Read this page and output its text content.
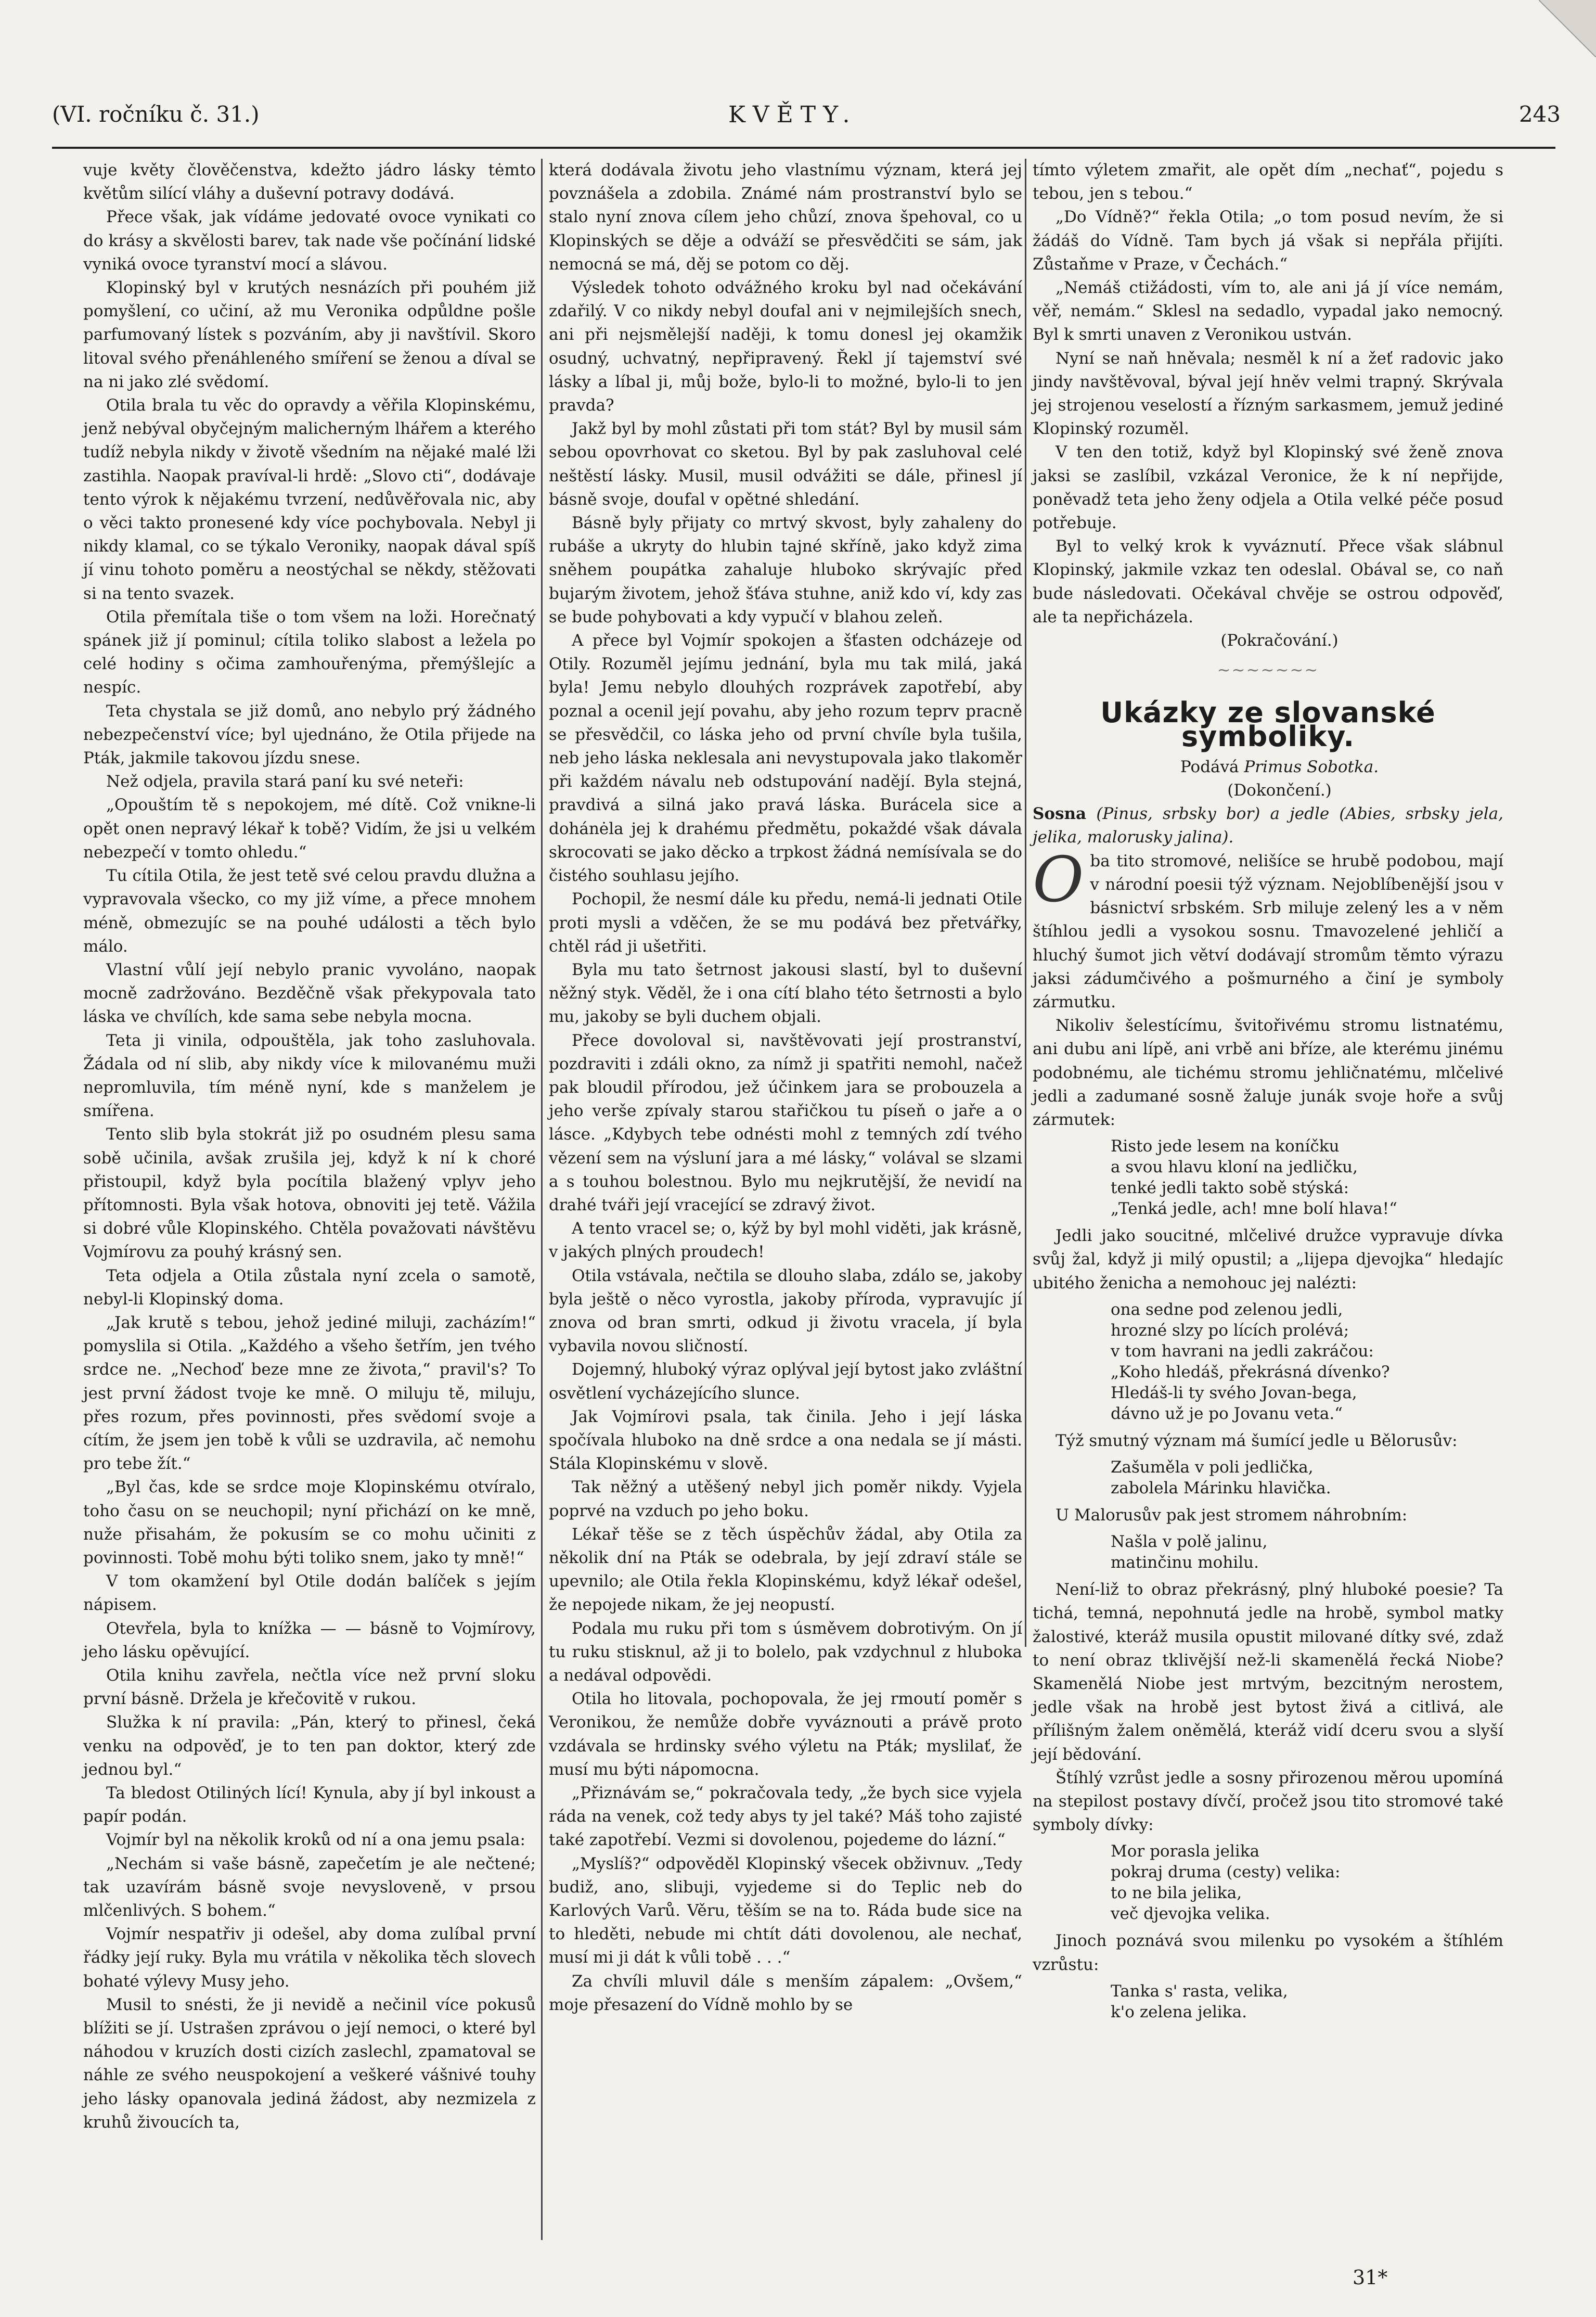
(VI. ročníku č. 31.)	KVĚTY.	243

vuje květy člověčenstva, kdežto jádro lásky tėmto květům silící vláhy a duševní potravy dodává.

Přece však, jak vídáme jedovaté ovoce vynikati co do krásy a skvělosti barev, tak nade vše počínání lidské vyniká ovoce tyranství mocí a slávou.

Klopinský byl v krutých nesnázích při pouhém již pomyšlení, co učiní, až mu Veronika odpůldne pošle parfumovaný lístek s pozváním, aby ji navštívil. Skoro litoval svého přenáhleného smíření se ženou a díval se na ni jako zlé svědomí.

Otila brala tu věc do opravdy a věřila Klopinskému, jenž nebýval obyčejným malicherným lhářem a kterého tudíž nebyla nikdy v životě všedním na nějaké malé lži zastihla. Naopak pravíval-li hrdě: „Slovo cti“, dodávaje tento výrok k nějakému tvrzení, nedůvěřovala nic, aby o věci takto pronesené kdy více pochybovala. Nebyl ji nikdy klamal, co se týkalo Veroniky, naopak dával spíš jí vinu tohoto poměru a neostýchal se někdy, stěžovati si na tento svazek.

Otila přemítala tiše o tom všem na loži. Horečnatý spánek již jí pominul; cítila toliko slabost a ležela po celé hodiny s očima zamhouřenýma, přemýšlejíc a nespíc.

Teta chystala se již domů, ano nebylo prý žádného nebezpečenství více; byl ujednáno, že Otila přijede na Pták, jakmile takovou jízdu snese.

Než odjela, pravila stará paní ku své neteři:

„Opouštím tě s nepokojem, mé dítě. Což vnikne-li opět onen nepravý lékař k tobě? Vidím, že jsi u velkém nebezpečí v tomto ohledu.“

Tu cítila Otila, že jest tetě své celou pravdu dlužna a vypravovala všecko, co my již víme, a přece mnohem méně, obmezujíc se na pouhé události a těch bylo málo.

Vlastní vůlí její nebylo pranic vyvoláno, naopak mocně zadržováno. Bezděčně však překypovala tato láska ve chvílích, kde sama sebe nebyla mocna.

Teta ji vinila, odpouštěla, jak toho zasluhovala. Žádala od ní slib, aby nikdy více k milovanému muži nepromluvila, tím méně nyní, kde s manželem je smířena.

Tento slib byla stokrát již po osudném plesu sama sobě učinila, avšak zrušila jej, když k ní k choré přistoupil, když byla pocítila blažený vplyv jeho přítomnosti. Byla však hotova, obnoviti jej tetě. Vážila si dobré vůle Klopinského. Chtěla považovati návštěvu Vojmírovu za pouhý krásný sen.

Teta odjela a Otila zůstala nyní zcela o samotě, nebyl-li Klopinský doma.

„Jak krutě s tebou, jehož jediné miluji, zacházím!“ pomyslila si Otila. „Každého a všeho šetřím, jen tvého srdce ne. „Nechoď beze mne ze života,“ pravil's? To jest první žádost tvoje ke mně. O miluju tě, miluju, přes rozum, přes povinnosti, přes svědomí svoje a cítím, že jsem jen tobě k vůli se uzdravila, ač nemohu pro tebe žít.“

„Byl čas, kde se srdce moje Klopinskému otvíralo, toho času on se neuchopil; nyní přichází on ke mně, nuže přisahám, že pokusím se co mohu učiniti z povinnosti. Tobě mohu býti toliko snem, jako ty mně!“

V tom okamžení byl Otile dodán balíček s jejím nápisem.

Otevřela, byla to knížka — — básně to Vojmírovy, jeho lásku opěvující.

Otila knihu zavřela, nečtla více než první sloku první básně. Držela je křečovitě v rukou.

Služka k ní pravila: „Pán, který to přinesl, čeká venku na odpověď, je to ten pan doktor, který zde jednou byl.“

Ta bledost Otiliných lící! Kynula, aby jí byl inkoust a papír podán.

Vojmír byl na několik kroků od ní a ona jemu psala:

„Nechám si vaše básně, zapečetím je ale nečtené; tak uzavírám básně svoje nevysloveně, v prsou mlčenlivých. S bohem.“

Vojmír nespatřiv ji odešel, aby doma zulíbal první řádky její ruky. Byla mu vrátila v několika těch slovech bohaté výlevy Musy jeho.

Musil to snésti, že ji nevidě a nečinil více pokusů blížiti se jí. Ustrašen zprávou o její nemoci, o které byl náhodou v kruzích dosti cizích zaslechl, zpamatoval se náhle ze svého neuspokojení a veškeré vášnivé touhy jeho lásky opanovala jediná žádost, aby nezmizela z kruhů živoucích ta,

která dodávala životu jeho vlastnímu význam, která jej povznášela a zdobila. Známé nám prostranství bylo se stalo nyní znova cílem jeho chůzí, znova špehoval, co u Klopinských se děje a odváží se přesvědčiti se sám, jak nemocná se má, děj se potom co děj.

Výsledek tohoto odvážného kroku byl nad očekávání zdařilý. V co nikdy nebyl doufal ani v nejmilejších snech, ani při nejsmělejší naději, k tomu donesl jej okamžik osudný, uchvatný, nepřipravený. Řekl jí tajemství své lásky a líbal ji, můj bože, bylo-li to možné, bylo-li to jen pravda?

Jakž byl by mohl zůstati při tom stát? Byl by musil sám sebou opovrhovat co sketou. Byl by pak zasluhoval celé neštěstí lásky. Musil, musil odvážiti se dále, přinesl jí básně svoje, doufal v opětné shledání.

Básně byly přijaty co mrtvý skvost, byly zahaleny do rubáše a ukryty do hlubin tajné skříně, jako když zima sněhem poupátka zahaluje hluboko skrývajíc před bujarým životem, jehož šťáva stuhne, aniž kdo ví, kdy zas se bude pohybovati a kdy vypučí v blahou zeleň.

A přece byl Vojmír spokojen a šťasten odcházeje od Otily. Rozuměl jejímu jednání, byla mu tak milá, jaká byla! Jemu nebylo dlouhých rozprávek zapotřebí, aby poznal a ocenil její povahu, aby jeho rozum teprv pracně se přesvědčil, co láska jeho od první chvíle byla tušila, neb jeho láska neklesala ani nevystupovala jako tlakoměr při každém návalu neb odstupování nadějí. Byla stejná, pravdivá a silná jako pravá láska. Burácela sice a dohánėla jej k drahému předmětu, pokaždé však dávala skrocovati se jako děcko a trpkost žádná nemísívala se do čistého souhlasu jejího.

Pochopil, že nesmí dále ku předu, nemá-li jednati Otile proti mysli a vděčen, že se mu podává bez přetvářky, chtěl rád ji ušetřiti.

Byla mu tato šetrnost jakousi slastí, byl to duševní něžný styk. Věděl, že i ona cítí blaho této šetrnosti a bylo mu, jakoby se byli duchem objali.

Přece dovoloval si, navštěvovati její prostranství, pozdraviti i zdáli okno, za nímž ji spatřiti nemohl, načež pak bloudil přírodou, jež účinkem jara se probouzela a jeho verše zpívaly starou stařičkou tu píseň o jaře a o lásce. „Kdybych tebe odnésti mohl z temných zdí tvého vězení sem na výsluní jara a mé lásky,“ volával se slzami a s touhou bolestnou. Bylo mu nejkrutější, že nevidí na drahé tváři její vracející se zdravý život.

A tento vracel se; o, kýž by byl mohl viděti, jak krásně, v jakých plných proudech!

Otila vstávala, nečtila se dlouho slaba, zdálo se, jakoby byla ještě o něco vyrostla, jakoby příroda, vypravujíc jí znova od bran smrti, odkud ji životu vracela, jí byla vybavila novou sličností.

Dojemný, hluboký výraz oplýval její bytost jako zvláštní osvětlení vycházejícího slunce.

Jak Vojmírovi psala, tak činila. Jeho i její láska spočívala hluboko na dně srdce a ona nedala se jí másti. Stála Klopinskému v slově.

Tak něžný a utěšený nebyl jich poměr nikdy. Vyjela poprvé na vzduch po jeho boku.

Lékař těše se z těch úspěchův žádal, aby Otila za několik dní na Pták se odebrala, by její zdraví stále se upevnilo; ale Otila řekla Klopinskému, když lékař odešel, že nepojede nikam, že jej neopustí.

Podala mu ruku při tom s úsměvem dobrotivým. On jí tu ruku stisknul, až ji to bolelo, pak vzdychnul z hluboka a nedával odpovědi.

Otila ho litovala, pochopovala, že jej rmoutí poměr s Veronikou, že nemůže dobře vyváznouti a právě proto vzdávala se hrdinsky svého výletu na Pták; myslilať, že musí mu býti nápomocna.

„Přiznávám se,“ pokračovala tedy, „že bych sice vyjela ráda na venek, což tedy abys ty jel také? Máš toho zajisté také zapotřebí. Vezmi si dovolenou, pojedeme do lázní.“

„Myslíš?“ odpověděl Klopinský všecek obživnuv. „Tedy budiž, ano, slibuji, vyjedeme si do Teplic neb do Karlových Varů. Věru, těším se na to. Ráda bude sice na to hleděti, nebude mi chtít dáti dovolenou, ale nechať, musí mi ji dát k vůli tobě . . .“

Za chvíli mluvil dále s menším zápalem: „Ovšem,“ moje přesazení do Vídně mohlo by se

tímto výletem zmařit, ale opět dím „nechať“, pojedu s tebou, jen s tebou.“

„Do Vídně?“ řekla Otila; „o tom posud nevím, že si žádáš do Vídně. Tam bych já však si nepřála přijíti. Zůstaňme v Praze, v Čechách.“

„Nemáš ctižádosti, vím to, ale ani já jí více nemám, věř, nemám.“ Sklesl na sedadlo, vypadal jako nemocný. Byl k smrti unaven z Veronikou ustván.

Nyní se naň hněvala; nesměl k ní a žeť radovic jako jindy navštěvoval, býval její hněv velmi trapný. Skrývala jej strojenou veselostí a řízným sarkasmem, jemuž jediné Klopinský rozuměl.

V ten den totiž, když byl Klopinský své ženě znova jaksi se zaslíbil, vzkázal Veronice, že k ní nepřijde, poněvadž teta jeho ženy odjela a Otila velké péče posud potřebuje.

Byl to velký krok k vyváznutí. Přece však slábnul Klopinský, jakmile vzkaz ten odeslal. Obával se, co naň bude následovati. Očekával chvěje se ostrou odpověď, ale ta nepřicházela.

(Pokračování.)

~~~~~~~
Ukázky ze slovanské symboliky.

Podává Primus Sobotka.

(Dokončení.)

Sosna (Pinus, srbsky bor) a jedle (Abies, srbsky jela, jelika, malorusky jalina).

O ba tito stromové, nelišíce se hrubě podobou, mají v národní poesii týž význam. Nejoblíbenější jsou v básnictví srbském. Srb miluje zelený les a v něm štíhlou jedli a vysokou sosnu. Tmavozelené jehličí a hluchý šumot jich větví dodávají stromům těmto výrazu jaksi zádumčivého a pošmurného a činí je symboly zármutku.

Nikoliv šelestícímu, švitořivému stromu listnatému, ani dubu ani lípě, ani vrbě ani bříze, ale kterému jinému podobnému, ale tichému stromu jehličnatému, mlčelivé jedli a zadumané sosně žaluje junák svoje hoře a svůj zármutek:

Risto jede lesem na koníčku
a svou hlavu kloní na jedličku,
tenké jedli takto sobě stýská:
„Tenká jedle, ach! mne bolí hlava!“

Jedli jako soucitné, mlčelivé družce vypravuje dívka svůj žal, když ji milý opustil; a „lijepa djevojka“ hledajíc ubitého ženicha a nemohouc jej nalézti:

ona sedne pod zelenou jedli,
hrozné slzy po lících prolévá;
v tom havrani na jedli zakráčou:
„Koho hledáš, překrásná dívenko?
Hledáš-li ty svého Jovan-bega,
dávno už je po Jovanu veta.“

Týž smutný význam má šumící jedle u Bělorusův:

Zašuměla v poli jedlička,
zabolela Márinku hlavička.

U Malorusův pak jest stromem náhrobním:

Našla v polě jalinu,
matinčinu mohilu.

Není-liž to obraz překrásný, plný hluboké poesie? Ta tichá, temná, nepohnutá jedle na hrobě, symbol matky žalostivé, kteráž musila opustit milované dítky své, zdaž to není obraz tklivější než-li skamenělá řecká Niobe? Skamenělá Niobe jest mrtvým, bezcitným nerostem, jedle však na hrobě jest bytost živá a citlivá, ale přílišným žalem oněmělá, kteráž vidí dceru svou a slyší její bědování.

Štíhlý vzrůst jedle a sosny přirozenou měrou upomíná na stepilost postavy dívčí, pročež jsou tito stromové také symboly dívky:

Mor porasla jelika
pokraj druma (cesty) velika:
to ne bila jelika,
več djevojka velika.

Jinoch poznává svou milenku po vysokém a štíhlém vzrůstu:

Tanka s' rasta, velika,
k'o zelena jelika.
31*
